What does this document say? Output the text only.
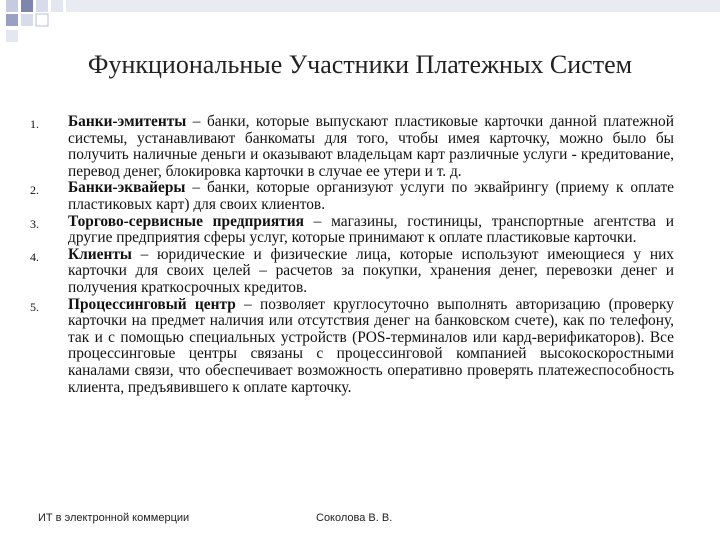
Функциональные Участники Платежных Систем
1.	Банки-эмитенты – банки, которые выпускают пластиковые карточки данной платежной системы, устанавливают банкоматы для того, чтобы имея карточку, можно было бы получить наличные деньги и оказывают владельцам карт различные услуги - кредитование, перевод денег, блокировка карточки в случае ее утери и т. д.
2.	Банки-эквайеры – банки, которые организуют услуги по эквайрингу (приему к оплате пластиковых карт) для своих клиентов.
3.	Торгово-сервисные предприятия – магазины, гостиницы, транспортные агентства и другие предприятия сферы услуг, которые принимают к оплате пластиковые карточки.
4.	Клиенты – юридические и физические лица, которые используют имеющиеся у них карточки для своих целей – расчетов за покупки, хранения денег, перевозки денег и получения краткосрочных кредитов.
5.	Процессинговый центр – позволяет круглосуточно выполнять авторизацию (проверку карточки на предмет наличия или отсутствия денег на банковском счете), как по телефону, так и с помощью специальных устройств (POS-терминалов или кард-верификаторов). Все процессинговые центры связаны с процессинговой компанией высокоскоростными каналами связи, что обеспечивает возможность оперативно проверять платежеспособность клиента, предъявившего к оплате карточку.
ИТ в электронной коммерции	Соколова В. В.
